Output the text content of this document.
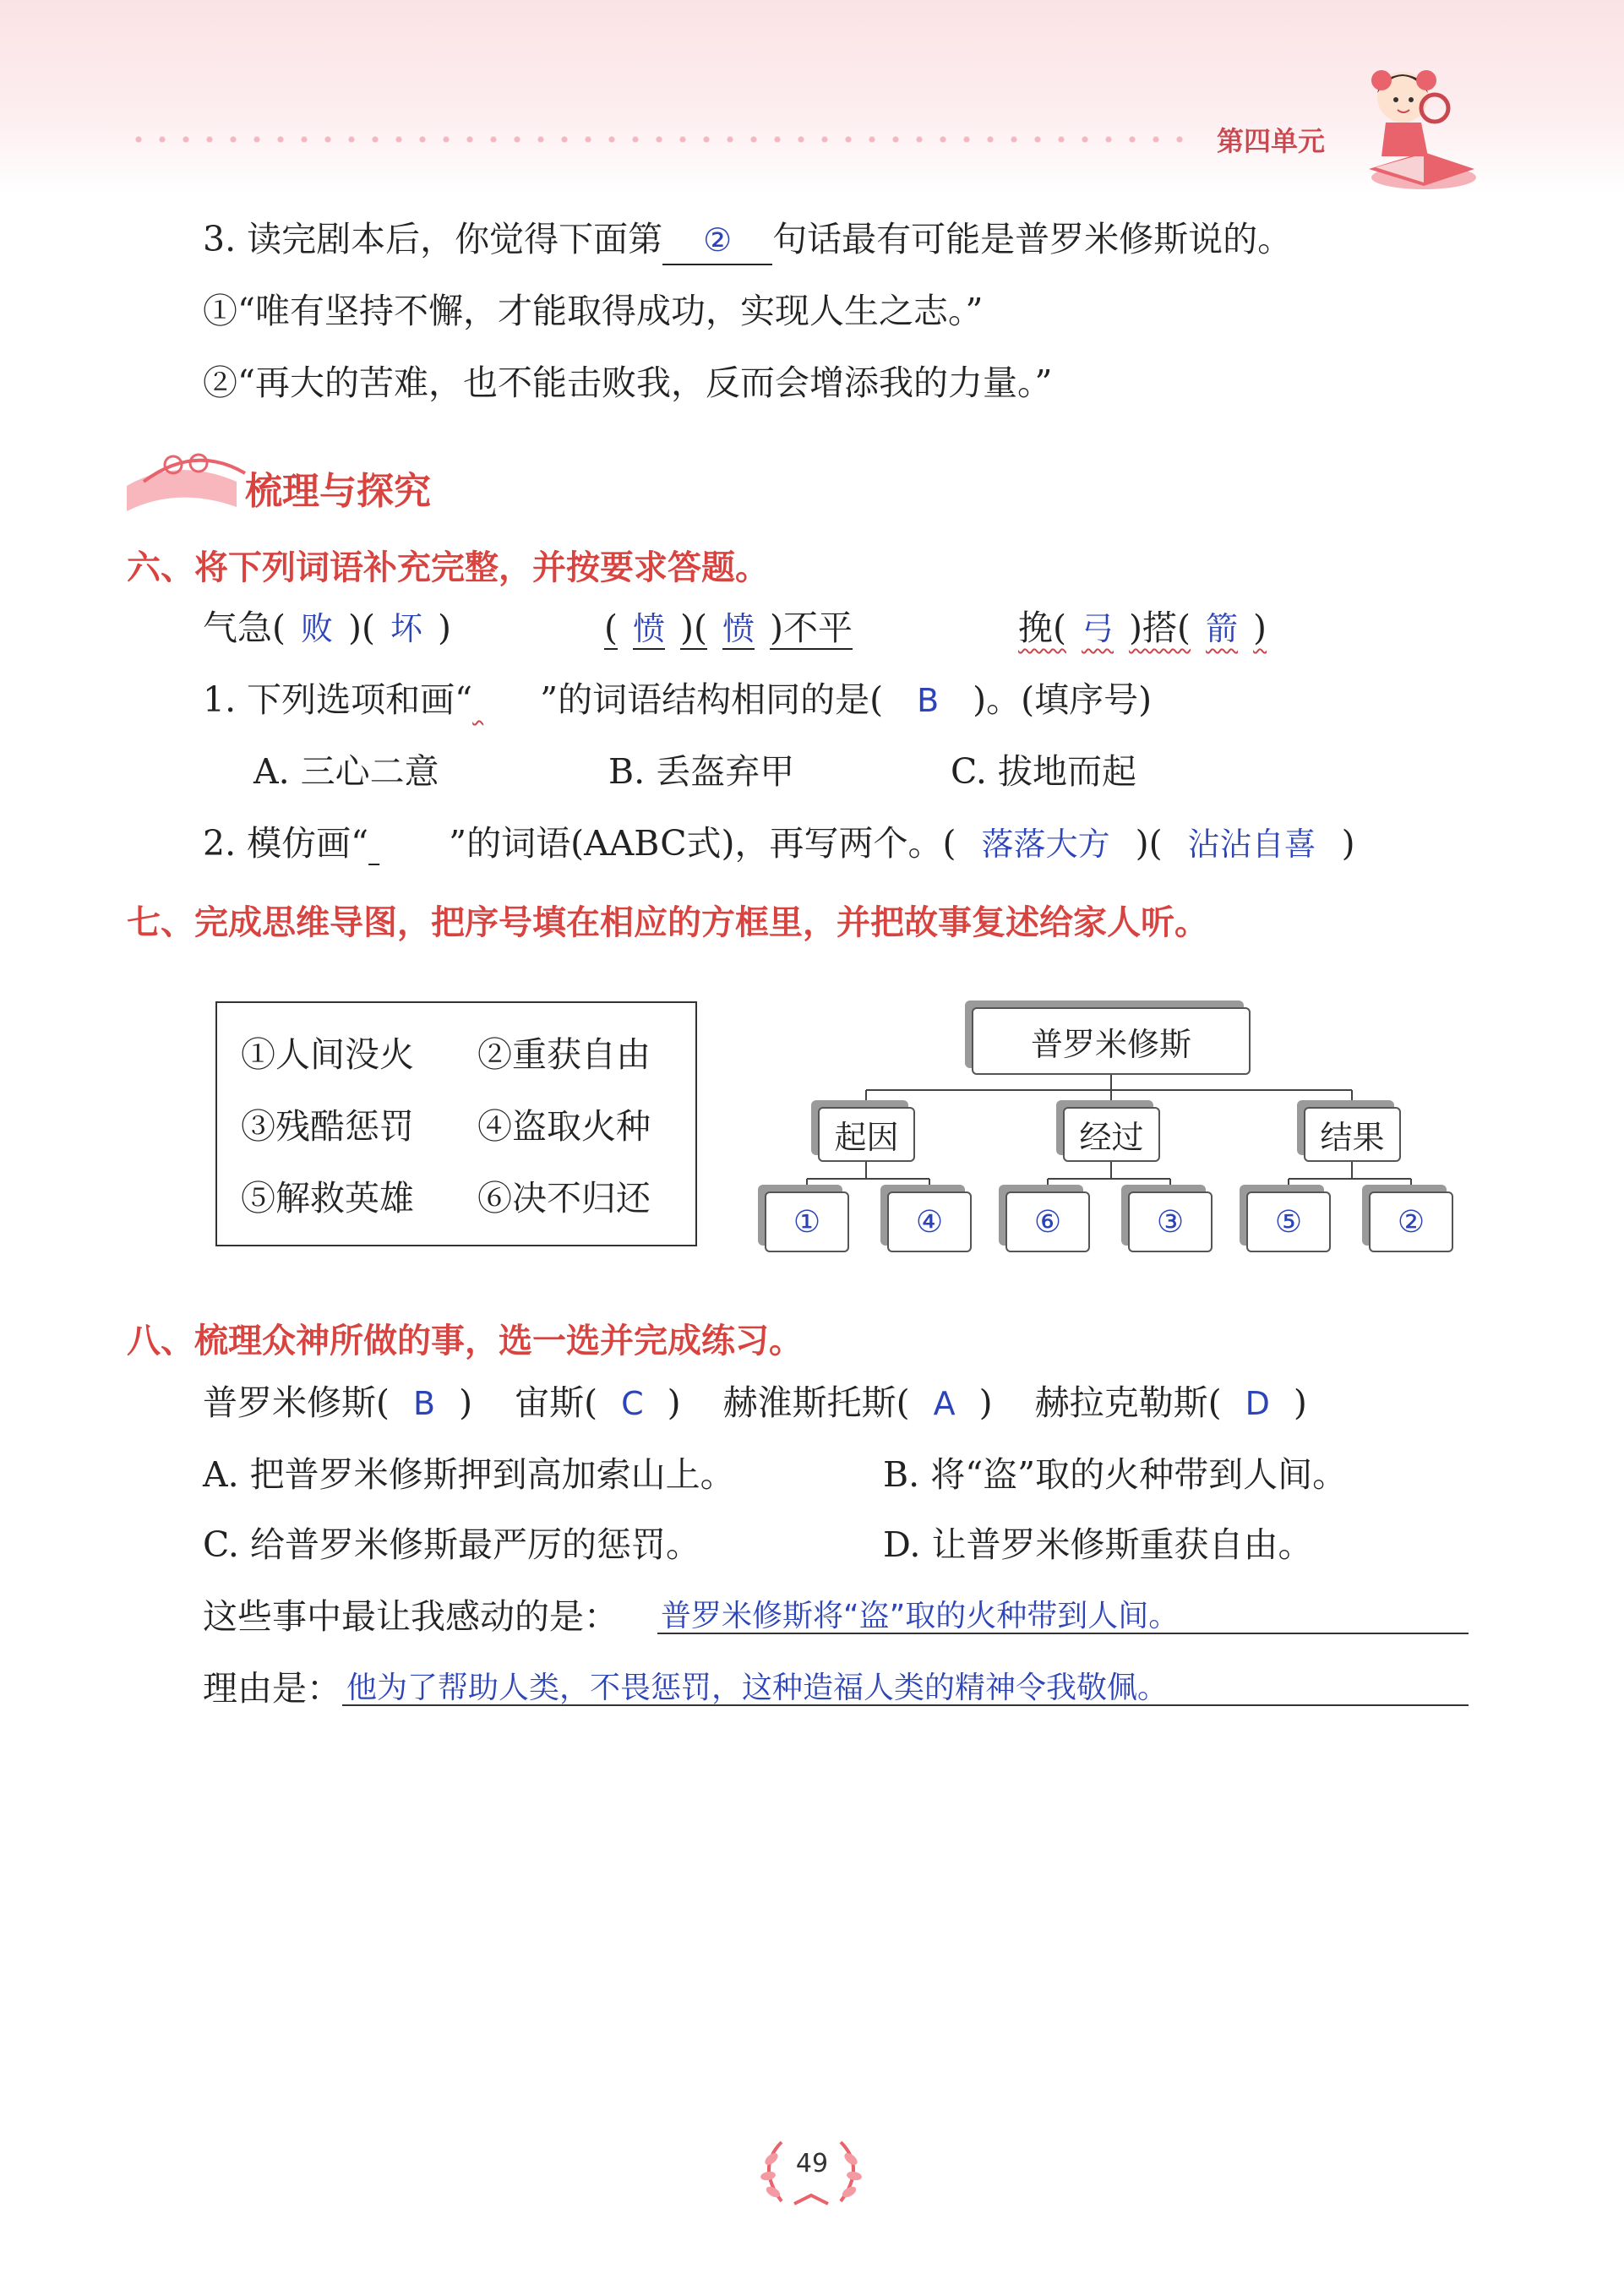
第四单元
3. 读完剧本后，你觉得下面第 ② 句话最有可能是普罗米修斯说的。
①“唯有坚持不懈，才能取得成功，实现人生之志。”
②“再大的苦难，也不能击败我，反而会增添我的力量。”
梳理与探究
六、将下列词语补充完整，并按要求答题。
气急( 败 )( 坏 )	( 愤 )( 愤 )不平	挽( 弓 )搭( 箭 )
1. 下列选项和画“ ”的词语结构相同的是( B )。(填序号)
A. 三心二意	B. 丢盔弃甲	C. 拔地而起
2. 模仿画“ ”的词语(AABC式)，再写两个。( 落落大方 )( 沾沾自喜 )
七、完成思维导图，把序号填在相应的方框里，并把故事复述给家人听。
①人间没火 ②重获自由
③残酷惩罚 ④盗取火种
⑤解救英雄 ⑥决不归还
普罗米修斯
起因	经过	结果
①	④	⑥	③	⑤	②
八、梳理众神所做的事，选一选并完成练习。
普罗米修斯( B ) 宙斯( C ) 赫淮斯托斯( A ) 赫拉克勒斯( D )
A. 把普罗米修斯押到高加索山上。	B. 将“盗”取的火种带到人间。
C. 给普罗米修斯最严厉的惩罚。	D. 让普罗米修斯重获自由。
这些事中最让我感动的是： 普罗米修斯将“盗”取的火种带到人间。
理由是： 他为了帮助人类，不畏惩罚，这种造福人类的精神令我敬佩。
49
